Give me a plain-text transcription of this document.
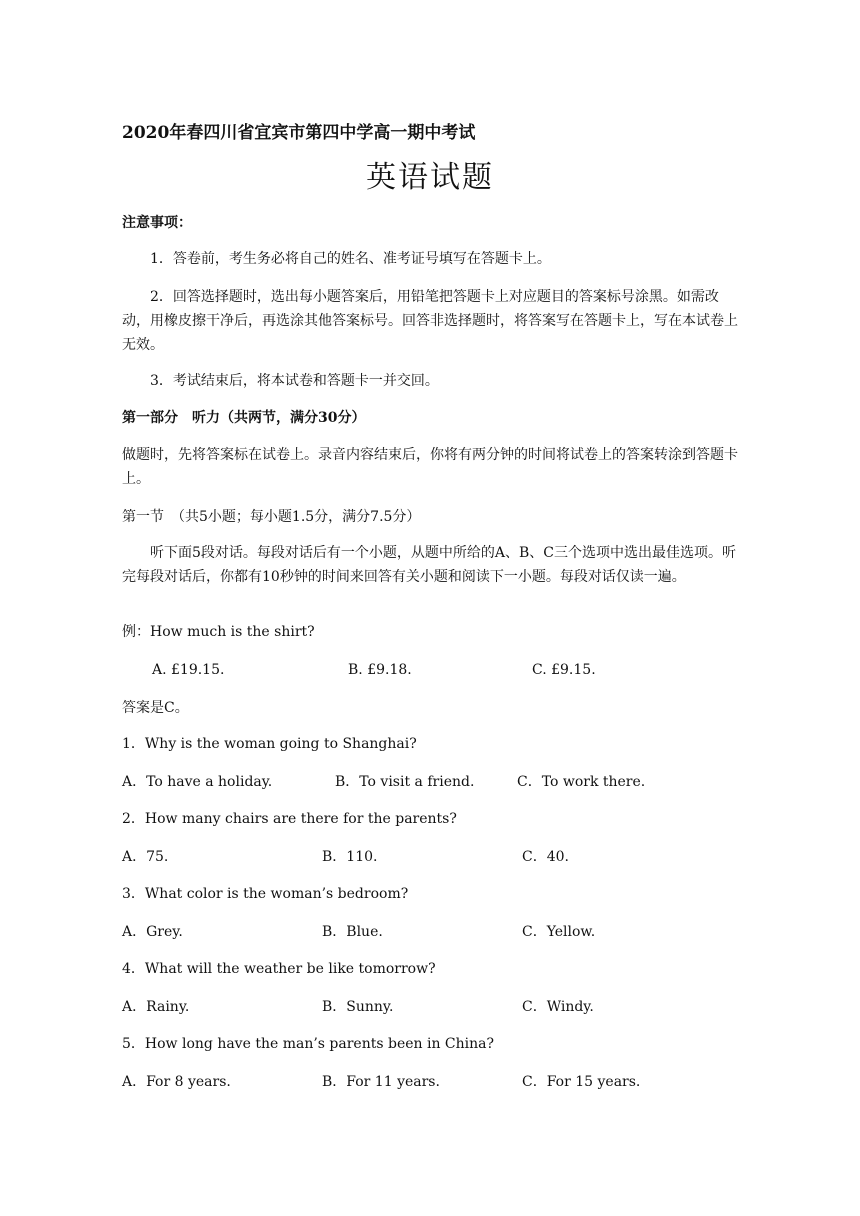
2020年春四川省宜宾市第四中学高一期中考试
英语试题
注意事项：
1．答卷前，考生务必将自己的姓名、准考证号填写在答题卡上。
2．回答选择题时，选出每小题答案后，用铅笔把答题卡上对应题目的答案标号涂黑。如需改动，用橡皮擦干净后，再选涂其他答案标号。回答非选择题时，将答案写在答题卡上，写在本试卷上无效。
3．考试结束后，将本试卷和答题卡一并交回。
第一部分　听力（共两节，满分30分）
做题时，先将答案标在试卷上。录音内容结束后，你将有两分钟的时间将试卷上的答案转涂到答题卡上。
第一节　（共5小题；每小题1.5分，满分7.5分）
听下面5段对话。每段对话后有一个小题，从题中所给的A、B、C三个选项中选出最佳选项。听完每段对话后，你都有10秒钟的时间来回答有关小题和阅读下一小题。每段对话仅读一遍。
例：How much is the shirt?
A. £19.15.	B. £9.18.	C. £9.15.
答案是C。
1．Why is the woman going to Shanghai?
A．To have a holiday.	B．To visit a friend.	C．To work there.
2．How many chairs are there for the parents?
A．75.	B．110.	C．40.
3．What color is the woman’s bedroom?
A．Grey.	B．Blue.	C．Yellow.
4．What will the weather be like tomorrow?
A．Rainy.	B．Sunny.	C．Windy.
5．How long have the man’s parents been in China?
A．For 8 years.	B．For 11 years.	C．For 15 years.
